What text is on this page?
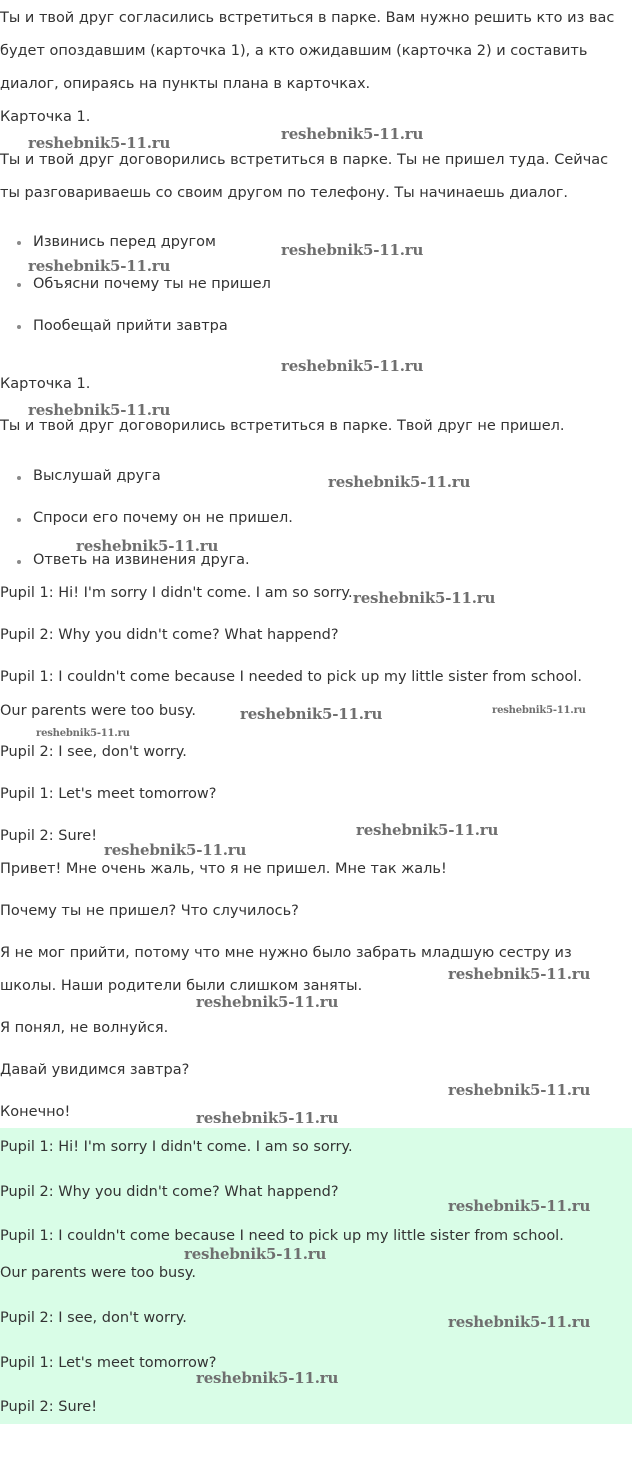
Ты и твой друг согласились встретиться в парке. Вам нужно решить кто из вас
будет опоздавшим (карточка 1), а кто ожидавшим (карточка 2) и составить
диалог, опираясь на пункты плана в карточках.
Карточка 1.
Ты и твой друг договорились встретиться в парке. Ты не пришел туда. Сейчас
ты разговариваешь со своим другом по телефону. Ты начинаешь диалог.
Извинись перед другом
Объясни почему ты не пришел
Пообещай прийти завтра
Карточка 1.
Ты и твой друг договорились встретиться в парке. Твой друг не пришел.
Выслушай друга
Спроси его почему он не пришел.
Ответь на извинения друга.
Pupil 1: Hi! I'm sorry I didn't come. I am so sorry.
Pupil 2: Why you didn't come? What happend?
Pupil 1: I couldn't come because I needed to pick up my little sister from school.
Our parents were too busy.
Pupil 2: I see, don't worry.
Pupil 1: Let's meet tomorrow?
Pupil 2: Sure!
Привет! Мне очень жаль, что я не пришел. Мне так жаль!
Почему ты не пришел? Что случилось?
Я не мог прийти, потому что мне нужно было забрать младшую сестру из
школы. Наши родители были слишком заняты.
Я понял, не волнуйся.
Давай увидимся завтра?
Конечно!
Pupil 1: Hi! I'm sorry I didn't come. I am so sorry.
Pupil 2: Why you didn't come? What happend?
Pupil 1: I couldn't come because I need to pick up my little sister from school.
Our parents were too busy.
Pupil 2: I see, don't worry.
Pupil 1: Let's meet tomorrow?
Pupil 2: Sure!
reshebnik5-11.ru	reshebnik5-11.ru
reshebnik5-11.ru
reshebnik5-11.ru
reshebnik5-11.ru
reshebnik5-11.ru
reshebnik5-11.ru
reshebnik5-11.ru
reshebnik5-11.ru
reshebnik5-11.ru	reshebnik5-11.ru
reshebnik5-11.ru
reshebnik5-11.ru
reshebnik5-11.ru
reshebnik5-11.ru
reshebnik5-11.ru
reshebnik5-11.ru
reshebnik5-11.ru
reshebnik5-11.ru
reshebnik5-11.ru
reshebnik5-11.ru
reshebnik5-11.ru
